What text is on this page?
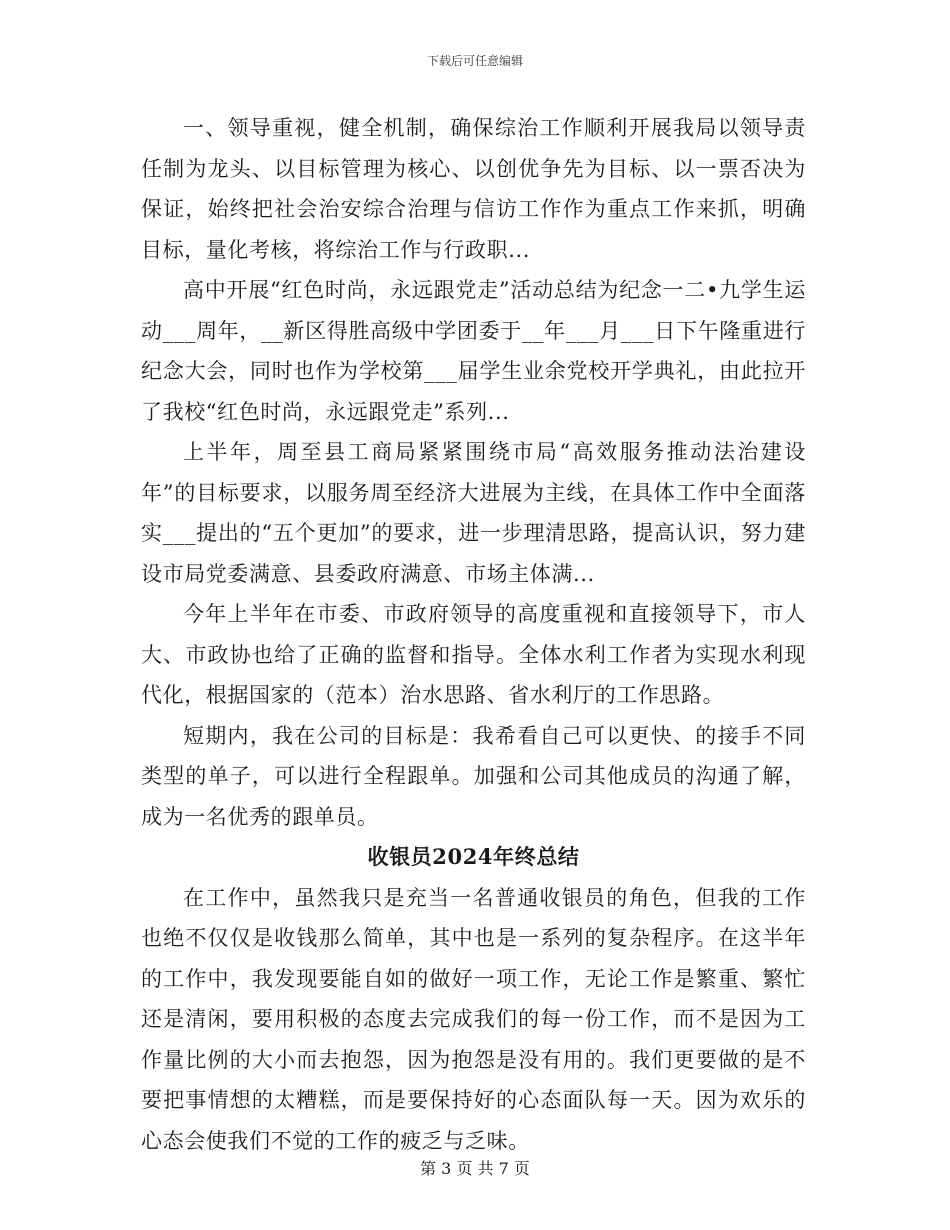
下载后可任意编辑

一、领导重视，健全机制，确保综治工作顺利开展我局以领导责任制为龙头、以目标管理为核心、以创优争先为目标、以一票否决为保证，始终把社会治安综合治理与信访工作作为重点工作来抓，明确目标，量化考核，将综治工作与行政职...

高中开展“红色时尚，永远跟党走”活动总结为纪念一二•九学生运动___周年，__新区得胜高级中学团委于__年___月___日下午隆重进行纪念大会，同时也作为学校第___届学生业余党校开学典礼，由此拉开了我校“红色时尚，永远跟党走”系列...

上半年，周至县工商局紧紧围绕市局“高效服务推动法治建设年”的目标要求，以服务周至经济大进展为主线，在具体工作中全面落实___提出的“五个更加”的要求，进一步理清思路，提高认识，努力建设市局党委满意、县委政府满意、市场主体满...

今年上半年在市委、市政府领导的高度重视和直接领导下，市人大、市政协也给了正确的监督和指导。全体水利工作者为实现水利现代化，根据国家的（范本）治水思路、省水利厅的工作思路。

短期内，我在公司的目标是：我希看自己可以更快、的接手不同类型的单子，可以进行全程跟单。加强和公司其他成员的沟通了解，成为一名优秀的跟单员。

收银员2024年终总结

在工作中，虽然我只是充当一名普通收银员的角色，但我的工作也绝不仅仅是收钱那么简单，其中也是一系列的复杂程序。在这半年的工作中，我发现要能自如的做好一项工作，无论工作是繁重、繁忙还是清闲，要用积极的态度去完成我们的每一份工作，而不是因为工作量比例的大小而去抱怨，因为抱怨是没有用的。我们更要做的是不要把事情想的太糟糕，而是要保持好的心态面队每一天。因为欢乐的心态会使我们不觉的工作的疲乏与乏味。

第 3 页 共 7 页
